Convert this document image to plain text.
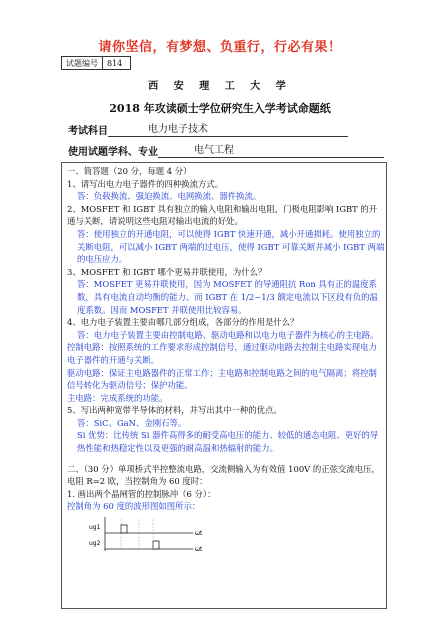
请你坚信，有梦想、负重行，行必有果！
试题编号	814
西 安 理 工 大 学
2018 年攻读硕士学位研究生入学考试命题纸
考试科目	电力电子技术
使用试题学科、专业	电气工程

一、简答题（20 分，每题 4 分）

1、请写出电力电子器件的四种换流方式。

答：负载换流、强迫换流、电网换流、器件换流。

2、MOSFET 和 IGBT 具有独立的输入电阻和输出电阻，门极电阻影响 IGBT 的开通与关断，请说明这些电阻对输出电流的好处。

答：使用独立的开通电阻，可以使得 IGBT 快速开通，减小开通损耗。使用独立的关断电阻，可以减小 IGBT 两端的过电压，使得 IGBT 可靠关断并减小 IGBT 两端的电压应力。

3、MOSFET 和 IGBT 哪个更易并联使用，为什么？

答：MOSFET 更易并联使用，因为 MOSFET 的导通阻抗 Ron 具有正的温度系数，具有电流自动均衡的能力。而 IGBT 在 1/2~1/3 额定电流以下区段有负的温度系数。因而 MOSFET 并联使用比较容易。

4、电力电子装置主要由哪几部分组成，各部分的作用是什么？

答：电力电子装置主要由控制电路、驱动电路和以电力电子器件为核心的主电路。

控制电路：按照系统的工作要求形成控制信号，通过驱动电路去控制主电路实现电力电子器件的开通与关断。

驱动电路：保证主电路器件的正常工作；主电路和控制电路之间的电气隔离；将控制信号转化为驱动信号；保护功能。

主电路：完成系统的功能。

5、写出两种宽带半导体的材料，并写出其中一种的优点。

答：SiC、GaN、金刚石等。

Si 优势：比传统 Si 器件高得多的耐受高电压的能力、较低的通态电阻、更好的导热性能和热稳定性以及更强的耐高温和热辐射的能力。

二、（30 分）单项桥式半控整流电路，交流侧输入为有效值 100V 的正弦交流电压，电阻 R=2 欧，当控制角为 60 度时：

1. 画出两个晶闸管的控制脉冲（6 分）：

控制角为 60 度的波形图如图所示：

ug1
ug2
ωt
ωt
